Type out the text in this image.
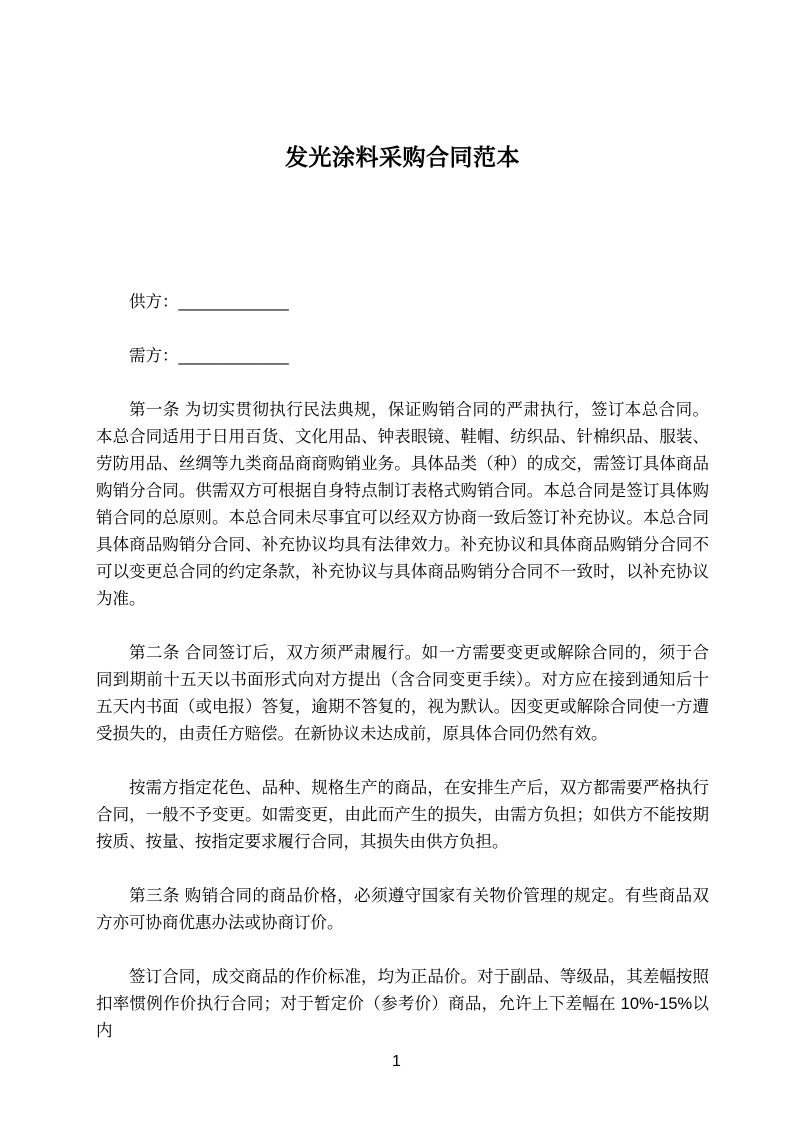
发光涂料采购合同范本

供方：____________

需方：____________

第一条 为切实贯彻执行民法典规，保证购销合同的严肃执行，签订本总合同。本总合同适用于日用百货、文化用品、钟表眼镜、鞋帽、纺织品、针棉织品、服装、劳防用品、丝绸等九类商品商商购销业务。具体品类（种）的成交，需签订具体商品购销分合同。供需双方可根据自身特点制订表格式购销合同。本总合同是签订具体购销合同的总原则。本总合同未尽事宜可以经双方协商一致后签订补充协议。本总合同具体商品购销分合同、补充协议均具有法律效力。补充协议和具体商品购销分合同不可以变更总合同的约定条款，补充协议与具体商品购销分合同不一致时，以补充协议为准。

第二条 合同签订后，双方须严肃履行。如一方需要变更或解除合同的，须于合同到期前十五天以书面形式向对方提出（含合同变更手续）。对方应在接到通知后十五天内书面（或电报）答复，逾期不答复的，视为默认。因变更或解除合同使一方遭受损失的，由责任方赔偿。在新协议未达成前，原具体合同仍然有效。

按需方指定花色、品种、规格生产的商品，在安排生产后，双方都需要严格执行合同，一般不予变更。如需变更，由此而产生的损失，由需方负担；如供方不能按期按质、按量、按指定要求履行合同，其损失由供方负担。

第三条 购销合同的商品价格，必须遵守国家有关物价管理的规定。有些商品双方亦可协商优惠办法或协商订价。

签订合同，成交商品的作价标准，均为正品价。对于副品、等级品，其差幅按照扣率惯例作价执行合同；对于暂定价（参考价）商品，允许上下差幅在 10%-15%以内

1
